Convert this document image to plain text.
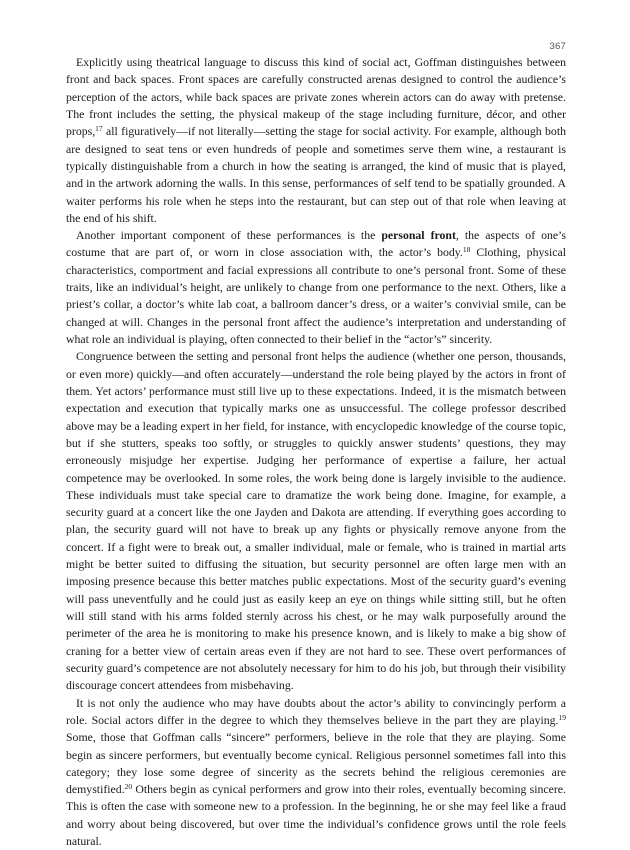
367

Explicitly using theatrical language to discuss this kind of social act, Goffman distinguishes between front and back spaces. Front spaces are carefully constructed arenas designed to control the audience’s perception of the actors, while back spaces are private zones wherein actors can do away with pretense. The front includes the setting, the physical makeup of the stage including furniture, décor, and other props,$^{17}$ all figuratively—if not literally—setting the stage for social activity. For example, although both are designed to seat tens or even hundreds of people and sometimes serve them wine, a restaurant is typically distinguishable from a church in how the seating is arranged, the kind of music that is played, and in the artwork adorning the walls. In this sense, performances of self tend to be spatially grounded. A waiter performs his role when he steps into the restaurant, but can step out of that role when leaving at the end of his shift.

Another important component of these performances is the personal front, the aspects of one’s costume that are part of, or worn in close association with, the actor’s body.$^{18}$ Clothing, physical characteristics, comportment and facial expressions all contribute to one’s personal front. Some of these traits, like an individual’s height, are unlikely to change from one performance to the next. Others, like a priest’s collar, a doctor’s white lab coat, a ballroom dancer’s dress, or a waiter’s convivial smile, can be changed at will. Changes in the personal front affect the audience’s interpretation and understanding of what role an individual is playing, often connected to their belief in the “actor’s” sincerity.

Congruence between the setting and personal front helps the audience (whether one person, thousands, or even more) quickly—and often accurately—understand the role being played by the actors in front of them. Yet actors’ performance must still live up to these expectations. Indeed, it is the mismatch between expectation and execution that typically marks one as unsuccessful. The college professor described above may be a leading expert in her field, for instance, with encyclopedic knowledge of the course topic, but if she stutters, speaks too softly, or struggles to quickly answer students’ questions, they may erroneously misjudge her expertise. Judging her performance of expertise a failure, her actual competence may be overlooked. In some roles, the work being done is largely invisible to the audience. These individuals must take special care to dramatize the work being done. Imagine, for example, a security guard at a concert like the one Jayden and Dakota are attending. If everything goes according to plan, the security guard will not have to break up any fights or physically remove anyone from the concert. If a fight were to break out, a smaller individual, male or female, who is trained in martial arts might be better suited to diffusing the situation, but security personnel are often large men with an imposing presence because this better matches public expectations. Most of the security guard’s evening will pass uneventfully and he could just as easily keep an eye on things while sitting still, but he often will still stand with his arms folded sternly across his chest, or he may walk purposefully around the perimeter of the area he is monitoring to make his presence known, and is likely to make a big show of craning for a better view of certain areas even if they are not hard to see. These overt performances of security guard’s competence are not absolutely necessary for him to do his job, but through their visibility discourage concert attendees from misbehaving.

It is not only the audience who may have doubts about the actor’s ability to convincingly perform a role. Social actors differ in the degree to which they themselves believe in the part they are playing.$^{19}$ Some, those that Goffman calls “sincere” performers, believe in the role that they are playing. Some begin as sincere performers, but eventually become cynical. Religious personnel sometimes fall into this category; they lose some degree of sincerity as the secrets behind the religious ceremonies are demystified.$^{20}$ Others begin as cynical performers and grow into their roles, eventually becoming sincere. This is often the case with someone new to a profession. In the beginning, he or she may feel like a fraud and worry about being discovered, but over time the individual’s confidence grows until the role feels natural.
